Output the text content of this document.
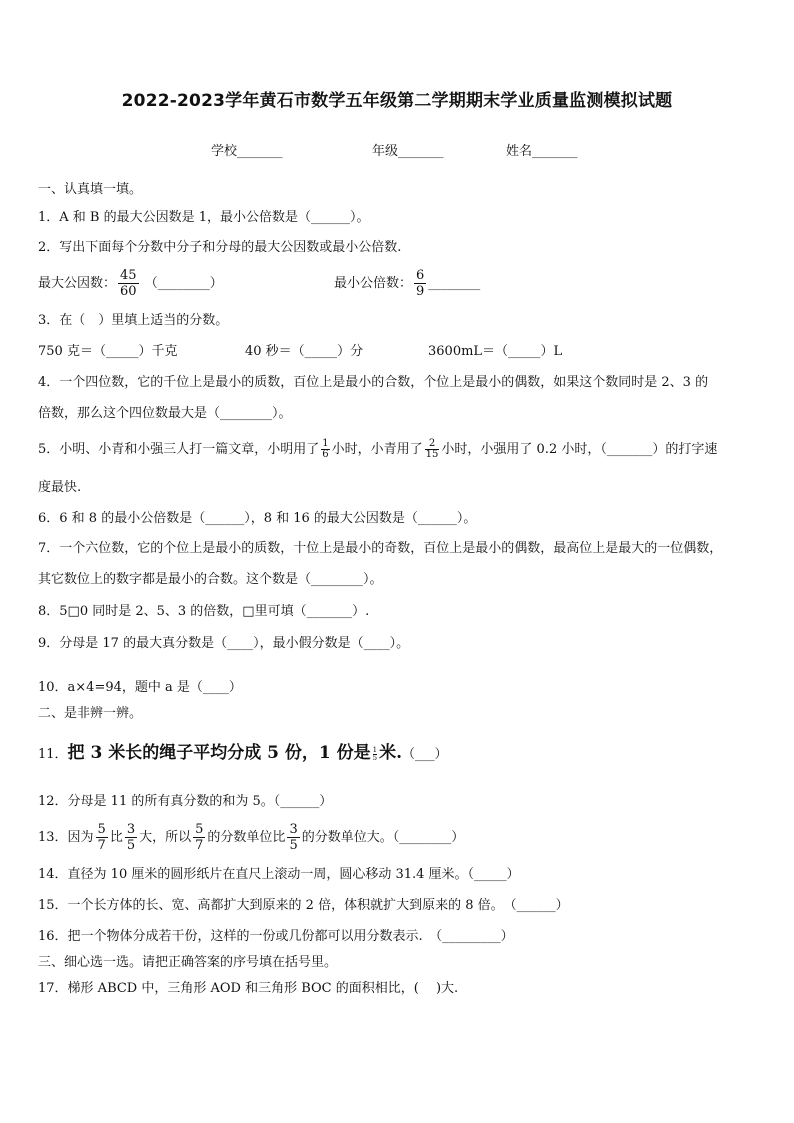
2022-2023学年黄石市数学五年级第二学期期末学业质量监测模拟试题
学校_______	年级_______	姓名_______
一、认真填一填。
1．A 和 B 的最大公因数是 1，最小公倍数是（______）。
2．写出下面每个分数中分子和分母的最大公因数或最小公倍数.
最大公因数： $\frac{45}{60}$ （________）	最小公倍数： $\frac{6}{9}$ ________
3．在（　）里填上适当的分数。
750 克＝（_____）千克	40 秒＝（_____）分	3600mL＝（_____）L
4．一个四位数，它的千位上是最小的质数，百位上是最小的合数，个位上是最小的偶数，如果这个数同时是 2、3 的
倍数，那么这个四位数最大是（________）。
5．小明、小青和小强三人打一篇文章，小明用了 $\frac{1}{6}$ 小时，小青用了 $\frac{2}{15}$ 小时，小强用了 0.2 小时，（_______）的打字速
度最快.
6．6 和 8 的最小公倍数是（______），8 和 16 的最大公因数是（______）。
7．一个六位数，它的个位上是最小的质数，十位上是最小的奇数，百位上是最小的偶数，最高位上是最大的一位偶数，
其它数位上的数字都是最小的合数。这个数是（________）。
8．5□0 同时是 2、5、3 的倍数，□里可填（_______）.
9．分母是 17 的最大真分数是（____），最小假分数是（____）。
10．a×4=94，题中 a 是（____）
二、是非辨一辨。
11．把 3 米长的绳子平均分成 5 份，1 份是 $\frac{1}{5}$ 米.（___）
12．分母是 11 的所有真分数的和为 5。（______）
13．因为 $\frac{5}{7}$ 比 $\frac{3}{5}$ 大，所以 $\frac{5}{7}$ 的分数单位比 $\frac{3}{5}$ 的分数单位大。（________）
14．直径为 10 厘米的圆形纸片在直尺上滚动一周，圆心移动 31.4 厘米。（_____）
15．一个长方体的长、宽、高都扩大到原来的 2 倍，体积就扩大到原来的 8 倍。　（______）
16．把一个物体分成若干份，这样的一份或几份都可以用分数表示.　（_________）
三、细心选一选。请把正确答案的序号填在括号里。
17．梯形 ABCD 中，三角形 AOD 和三角形 BOC 的面积相比，(　 )大.
